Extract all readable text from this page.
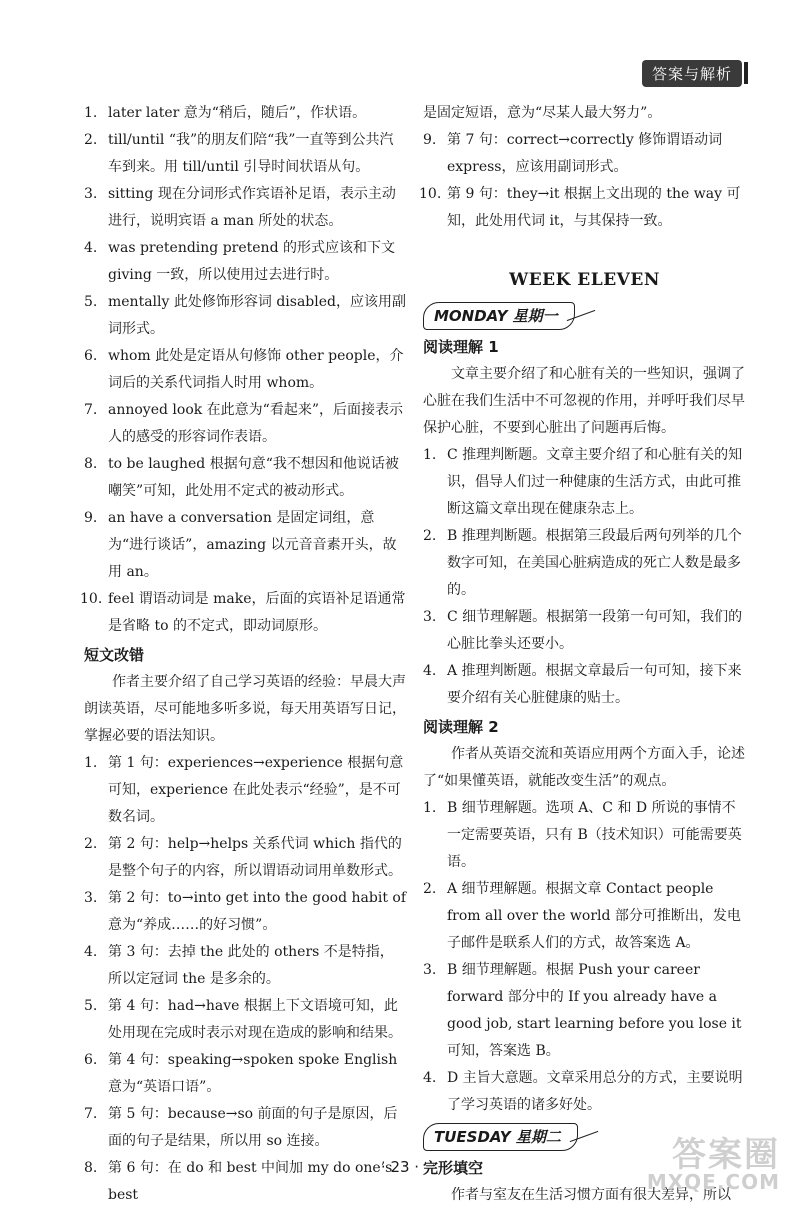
答案与解析
1. later later 意为“稍后，随后”，作状语。
2. till/until “我”的朋友们陪“我”一直等到公共汽车到来。用 till/until 引导时间状语从句。
3. sitting 现在分词形式作宾语补足语，表示主动进行，说明宾语 a man 所处的状态。
4. was pretending pretend 的形式应该和下文 giving 一致，所以使用过去进行时。
5. mentally 此处修饰形容词 disabled，应该用副词形式。
6. whom 此处是定语从句修饰 other people，介词后的关系代词指人时用 whom。
7. annoyed look 在此意为“看起来”，后面接表示人的感受的形容词作表语。
8. to be laughed 根据句意“我不想因和他说话被嘲笑”可知，此处用不定式的被动形式。
9. an have a conversation 是固定词组，意为“进行谈话”，amazing 以元音音素开头，故用 an。
10. feel 谓语动词是 make，后面的宾语补足语通常是省略 to 的不定式，即动词原形。
短文改错
作者主要介绍了自己学习英语的经验：早晨大声朗读英语，尽可能地多听多说，每天用英语写日记，掌握必要的语法知识。
1. 第 1 句：experiences→experience 根据句意可知，experience 在此处表示“经验”，是不可数名词。
2. 第 2 句：help→helps 关系代词 which 指代的是整个句子的内容，所以谓语动词用单数形式。
3. 第 2 句：to→into get into the good habit of 意为“养成……的好习惯”。
4. 第 3 句：去掉 the 此处的 others 不是特指，所以定冠词 the 是多余的。
5. 第 4 句：had→have 根据上下文语境可知，此处用现在完成时表示对现在造成的影响和结果。
6. 第 4 句：speaking→spoken spoke English 意为“英语口语”。
7. 第 5 句：because→so 前面的句子是原因，后面的句子是结果，所以用 so 连接。
8. 第 6 句：在 do 和 best 中间加 my do one’s best
是固定短语，意为“尽某人最大努力”。
9. 第 7 句：correct→correctly 修饰谓语动词 express，应该用副词形式。
10. 第 9 句：they→it 根据上文出现的 the way 可知，此处用代词 it，与其保持一致。
WEEK ELEVEN
MONDAY 星期一
阅读理解 1
文章主要介绍了和心脏有关的一些知识，强调了心脏在我们生活中不可忽视的作用，并呼吁我们尽早保护心脏，不要到心脏出了问题再后悔。
1. C 推理判断题。文章主要介绍了和心脏有关的知识，倡导人们过一种健康的生活方式，由此可推断这篇文章出现在健康杂志上。
2. B 推理判断题。根据第三段最后两句列举的几个数字可知，在美国心脏病造成的死亡人数是最多的。
3. C 细节理解题。根据第一段第一句可知，我们的心脏比拳头还要小。
4. A 推理判断题。根据文章最后一句可知，接下来要介绍有关心脏健康的贴士。
阅读理解 2
作者从英语交流和英语应用两个方面入手，论述了“如果懂英语，就能改变生活”的观点。
1. B 细节理解题。选项 A、C 和 D 所说的事情不一定需要英语，只有 B（技术知识）可能需要英语。
2. A 细节理解题。根据文章 Contact people from all over the world 部分可推断出，发电子邮件是联系人们的方式，故答案选 A。
3. B 细节理解题。根据 Push your career forward 部分中的 If you already have a good job, start learning before you lose it 可知，答案选 B。
4. D 主旨大意题。文章采用总分的方式，主要说明了学习英语的诸多好处。
TUESDAY 星期二
完形填空
作者与室友在生活习惯方面有很大差异，所以
· 23 ·	答案圈
MXQE.COM
